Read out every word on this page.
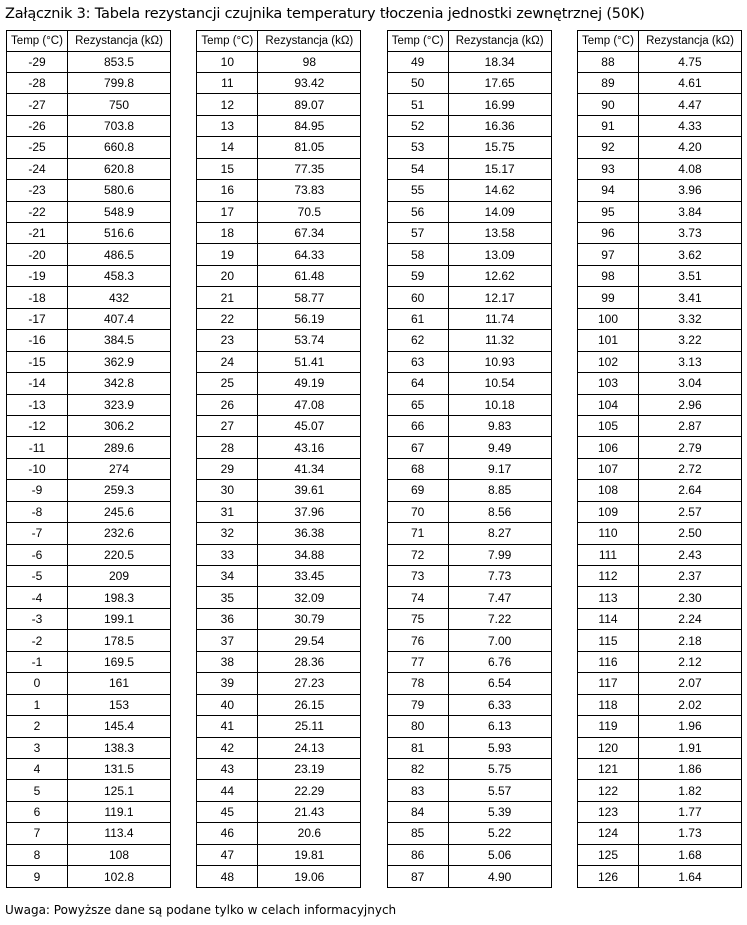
Załącznik 3: Tabela rezystancji czujnika temperatury tłoczenia jednostki zewnętrznej (50K)
Temp (°C)	Rezystancja (kΩ)
-29	853.5
-28	799.8
-27	750
-26	703.8
-25	660.8
-24	620.8
-23	580.6
-22	548.9
-21	516.6
-20	486.5
-19	458.3
-18	432
-17	407.4
-16	384.5
-15	362.9
-14	342.8
-13	323.9
-12	306.2
-11	289.6
-10	274
-9	259.3
-8	245.6
-7	232.6
-6	220.5
-5	209
-4	198.3
-3	199.1
-2	178.5
-1	169.5
0	161
1	153
2	145.4
3	138.3
4	131.5
5	125.1
6	119.1
7	113.4
8	108
9	102.8
Temp (°C)	Rezystancja (kΩ)
10	98
11	93.42
12	89.07
13	84.95
14	81.05
15	77.35
16	73.83
17	70.5
18	67.34
19	64.33
20	61.48
21	58.77
22	56.19
23	53.74
24	51.41
25	49.19
26	47.08
27	45.07
28	43.16
29	41.34
30	39.61
31	37.96
32	36.38
33	34.88
34	33.45
35	32.09
36	30.79
37	29.54
38	28.36
39	27.23
40	26.15
41	25.11
42	24.13
43	23.19
44	22.29
45	21.43
46	20.6
47	19.81
48	19.06
Temp (°C)	Rezystancja (kΩ)
49	18.34
50	17.65
51	16.99
52	16.36
53	15.75
54	15.17
55	14.62
56	14.09
57	13.58
58	13.09
59	12.62
60	12.17
61	11.74
62	11.32
63	10.93
64	10.54
65	10.18
66	9.83
67	9.49
68	9.17
69	8.85
70	8.56
71	8.27
72	7.99
73	7.73
74	7.47
75	7.22
76	7.00
77	6.76
78	6.54
79	6.33
80	6.13
81	5.93
82	5.75
83	5.57
84	5.39
85	5.22
86	5.06
87	4.90
Temp (°C)	Rezystancja (kΩ)
88	4.75
89	4.61
90	4.47
91	4.33
92	4.20
93	4.08
94	3.96
95	3.84
96	3.73
97	3.62
98	3.51
99	3.41
100	3.32
101	3.22
102	3.13
103	3.04
104	2.96
105	2.87
106	2.79
107	2.72
108	2.64
109	2.57
110	2.50
111	2.43
112	2.37
113	2.30
114	2.24
115	2.18
116	2.12
117	2.07
118	2.02
119	1.96
120	1.91
121	1.86
122	1.82
123	1.77
124	1.73
125	1.68
126	1.64
Uwaga: Powyższe dane są podane tylko w celach informacyjnych
